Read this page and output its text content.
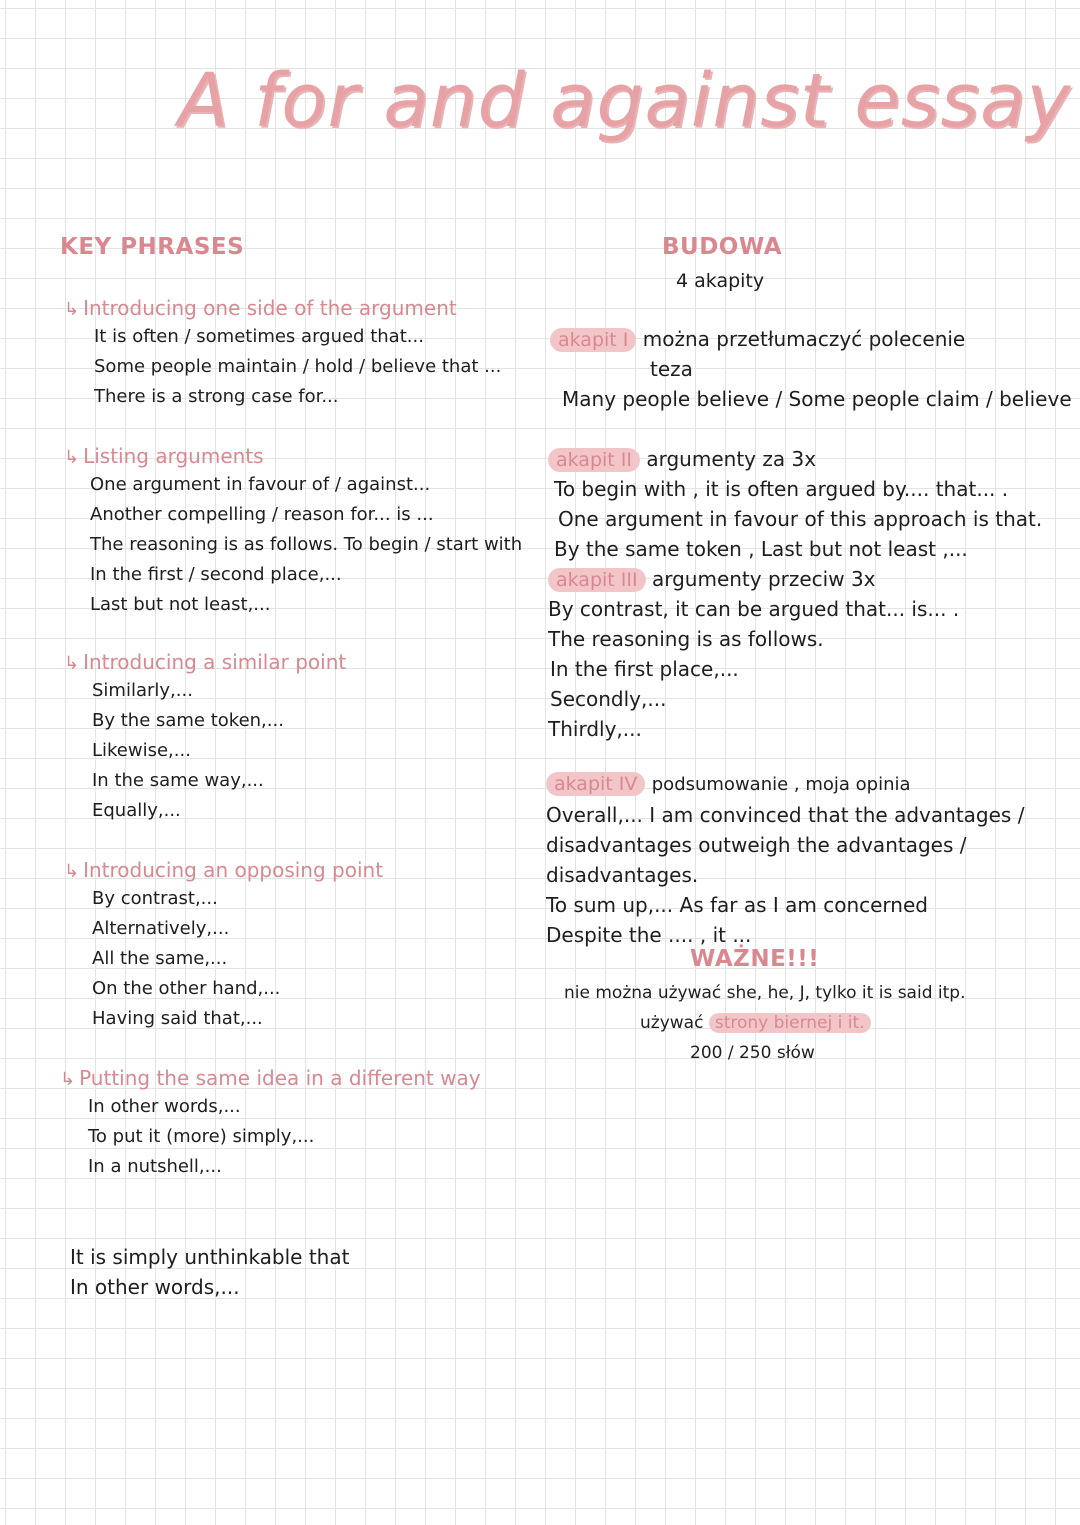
A for and against essay
KEY PHRASES
↳ Introducing one side of the argument
It is often / sometimes argued that...
Some people maintain / hold / believe that ...
There is a strong case for...
↳ Listing arguments
One argument in favour of / against...
Another compelling / reason for... is ...
The reasoning is as follows. To begin / start with
In the first / second place,...
Last but not least,...
↳ Introducing a similar point
Similarly,...
By the same token,...
Likewise,...
In the same way,...
Equally,...
↳ Introducing an opposing point
By contrast,...
Alternatively,...
All the same,...
On the other hand,...
Having said that,...
↳ Putting the same idea in a different way
In other words,...
To put it (more) simply,...
In a nutshell,...
It is simply unthinkable that
In other words,...
BUDOWA
4 akapity
akapit I można przetłumaczyć polecenie
teza
Many people believe / Some people claim / believe
akapit II argumenty za 3x
To begin with , it is often argued by.... that... .
One argument in favour of this approach is that.
By the same token , Last but not least ,...
akapit III argumenty przeciw 3x
By contrast, it can be argued that... is... .
The reasoning is as follows.
In the first place,...
Secondly,...
Thirdly,...
akapit IV podsumowanie , moja opinia
Overall,... I am convinced that the advantages /
disadvantages outweigh the advantages / disadvantages.
To sum up,... As far as I am concerned
Despite the .... , it ...
WAŻNE!!!
nie można używać she, he, J, tylko it is said itp.
używać strony biernej i it.
200 / 250 słów
